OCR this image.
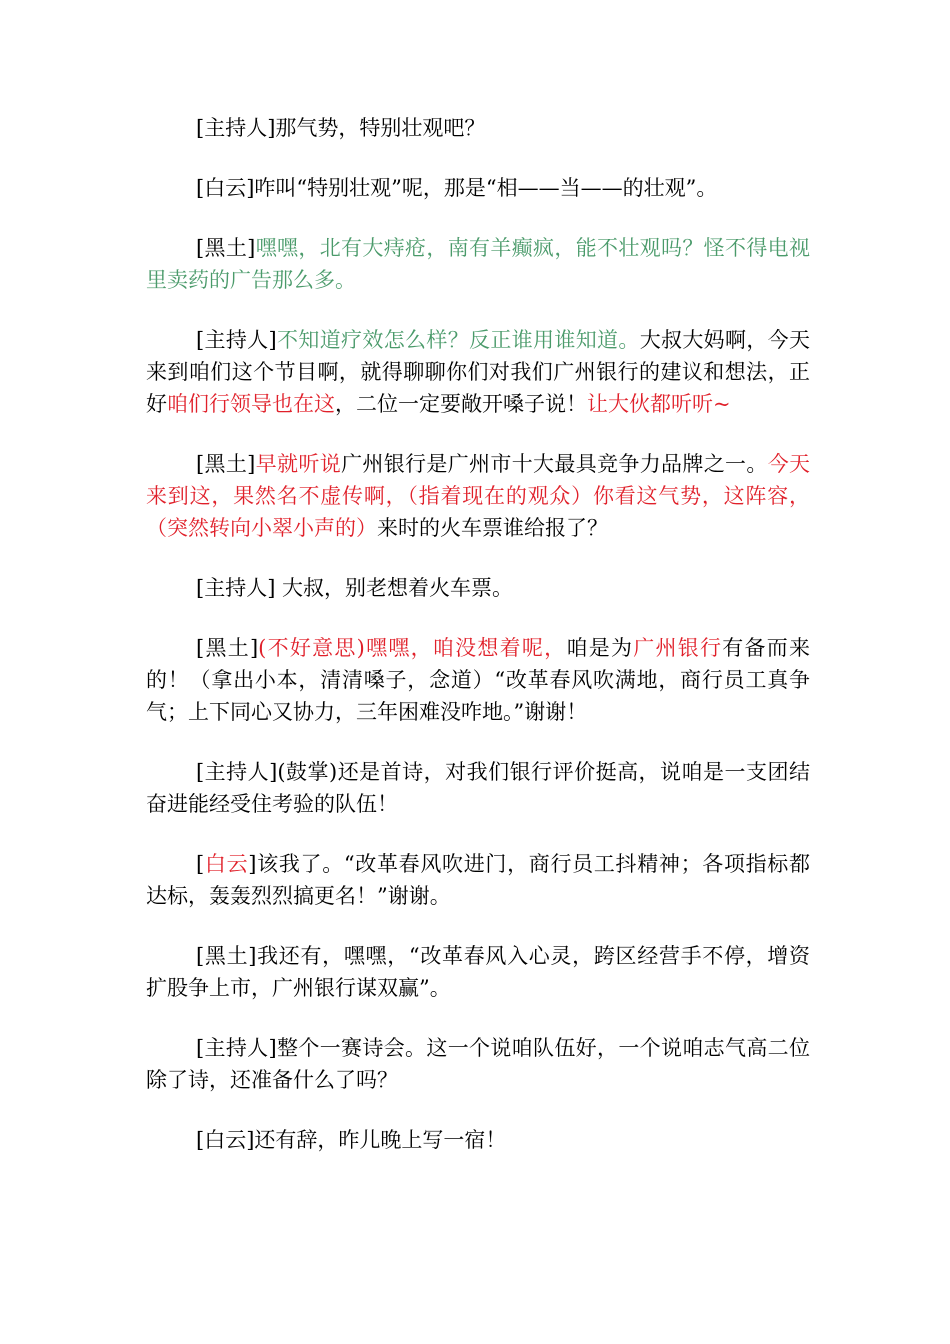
[主持人]那气势，特别壮观吧？

[白云]咋叫“特别壮观”呢，那是“相——当——的壮观”。

[黑土]嘿嘿，北有大痔疮，南有羊癫疯，能不壮观吗？怪不得电视里卖药的广告那么多。

[主持人]不知道疗效怎么样？反正谁用谁知道。大叔大妈啊，今天来到咱们这个节目啊，就得聊聊你们对我们广州银行的建议和想法，正好咱们行领导也在这，二位一定要敞开嗓子说！让大伙都听听~

[黑土]早就听说广州银行是广州市十大最具竞争力品牌之一。今天来到这，果然名不虚传啊，（指着现在的观众）你看这气势，这阵容，（突然转向小翠小声的）来时的火车票谁给报了？

[主持人] 大叔，别老想着火车票。

[黑土](不好意思)嘿嘿，咱没想着呢，咱是为广州银行有备而来的！（拿出小本，清清嗓子，念道）“改革春风吹满地，商行员工真争气；上下同心又协力，三年困难没咋地。”谢谢！

[主持人](鼓掌)还是首诗，对我们银行评价挺高，说咱是一支团结奋进能经受住考验的队伍！

[白云]该我了。“改革春风吹进门，商行员工抖精神；各项指标都达标，轰轰烈烈搞更名！”谢谢。

[黑土]我还有，嘿嘿，“改革春风入心灵，跨区经营手不停，增资扩股争上市，广州银行谋双赢”。

[主持人]整个一赛诗会。这一个说咱队伍好，一个说咱志气高二位除了诗，还准备什么了吗？

[白云]还有辞，昨儿晚上写一宿！
